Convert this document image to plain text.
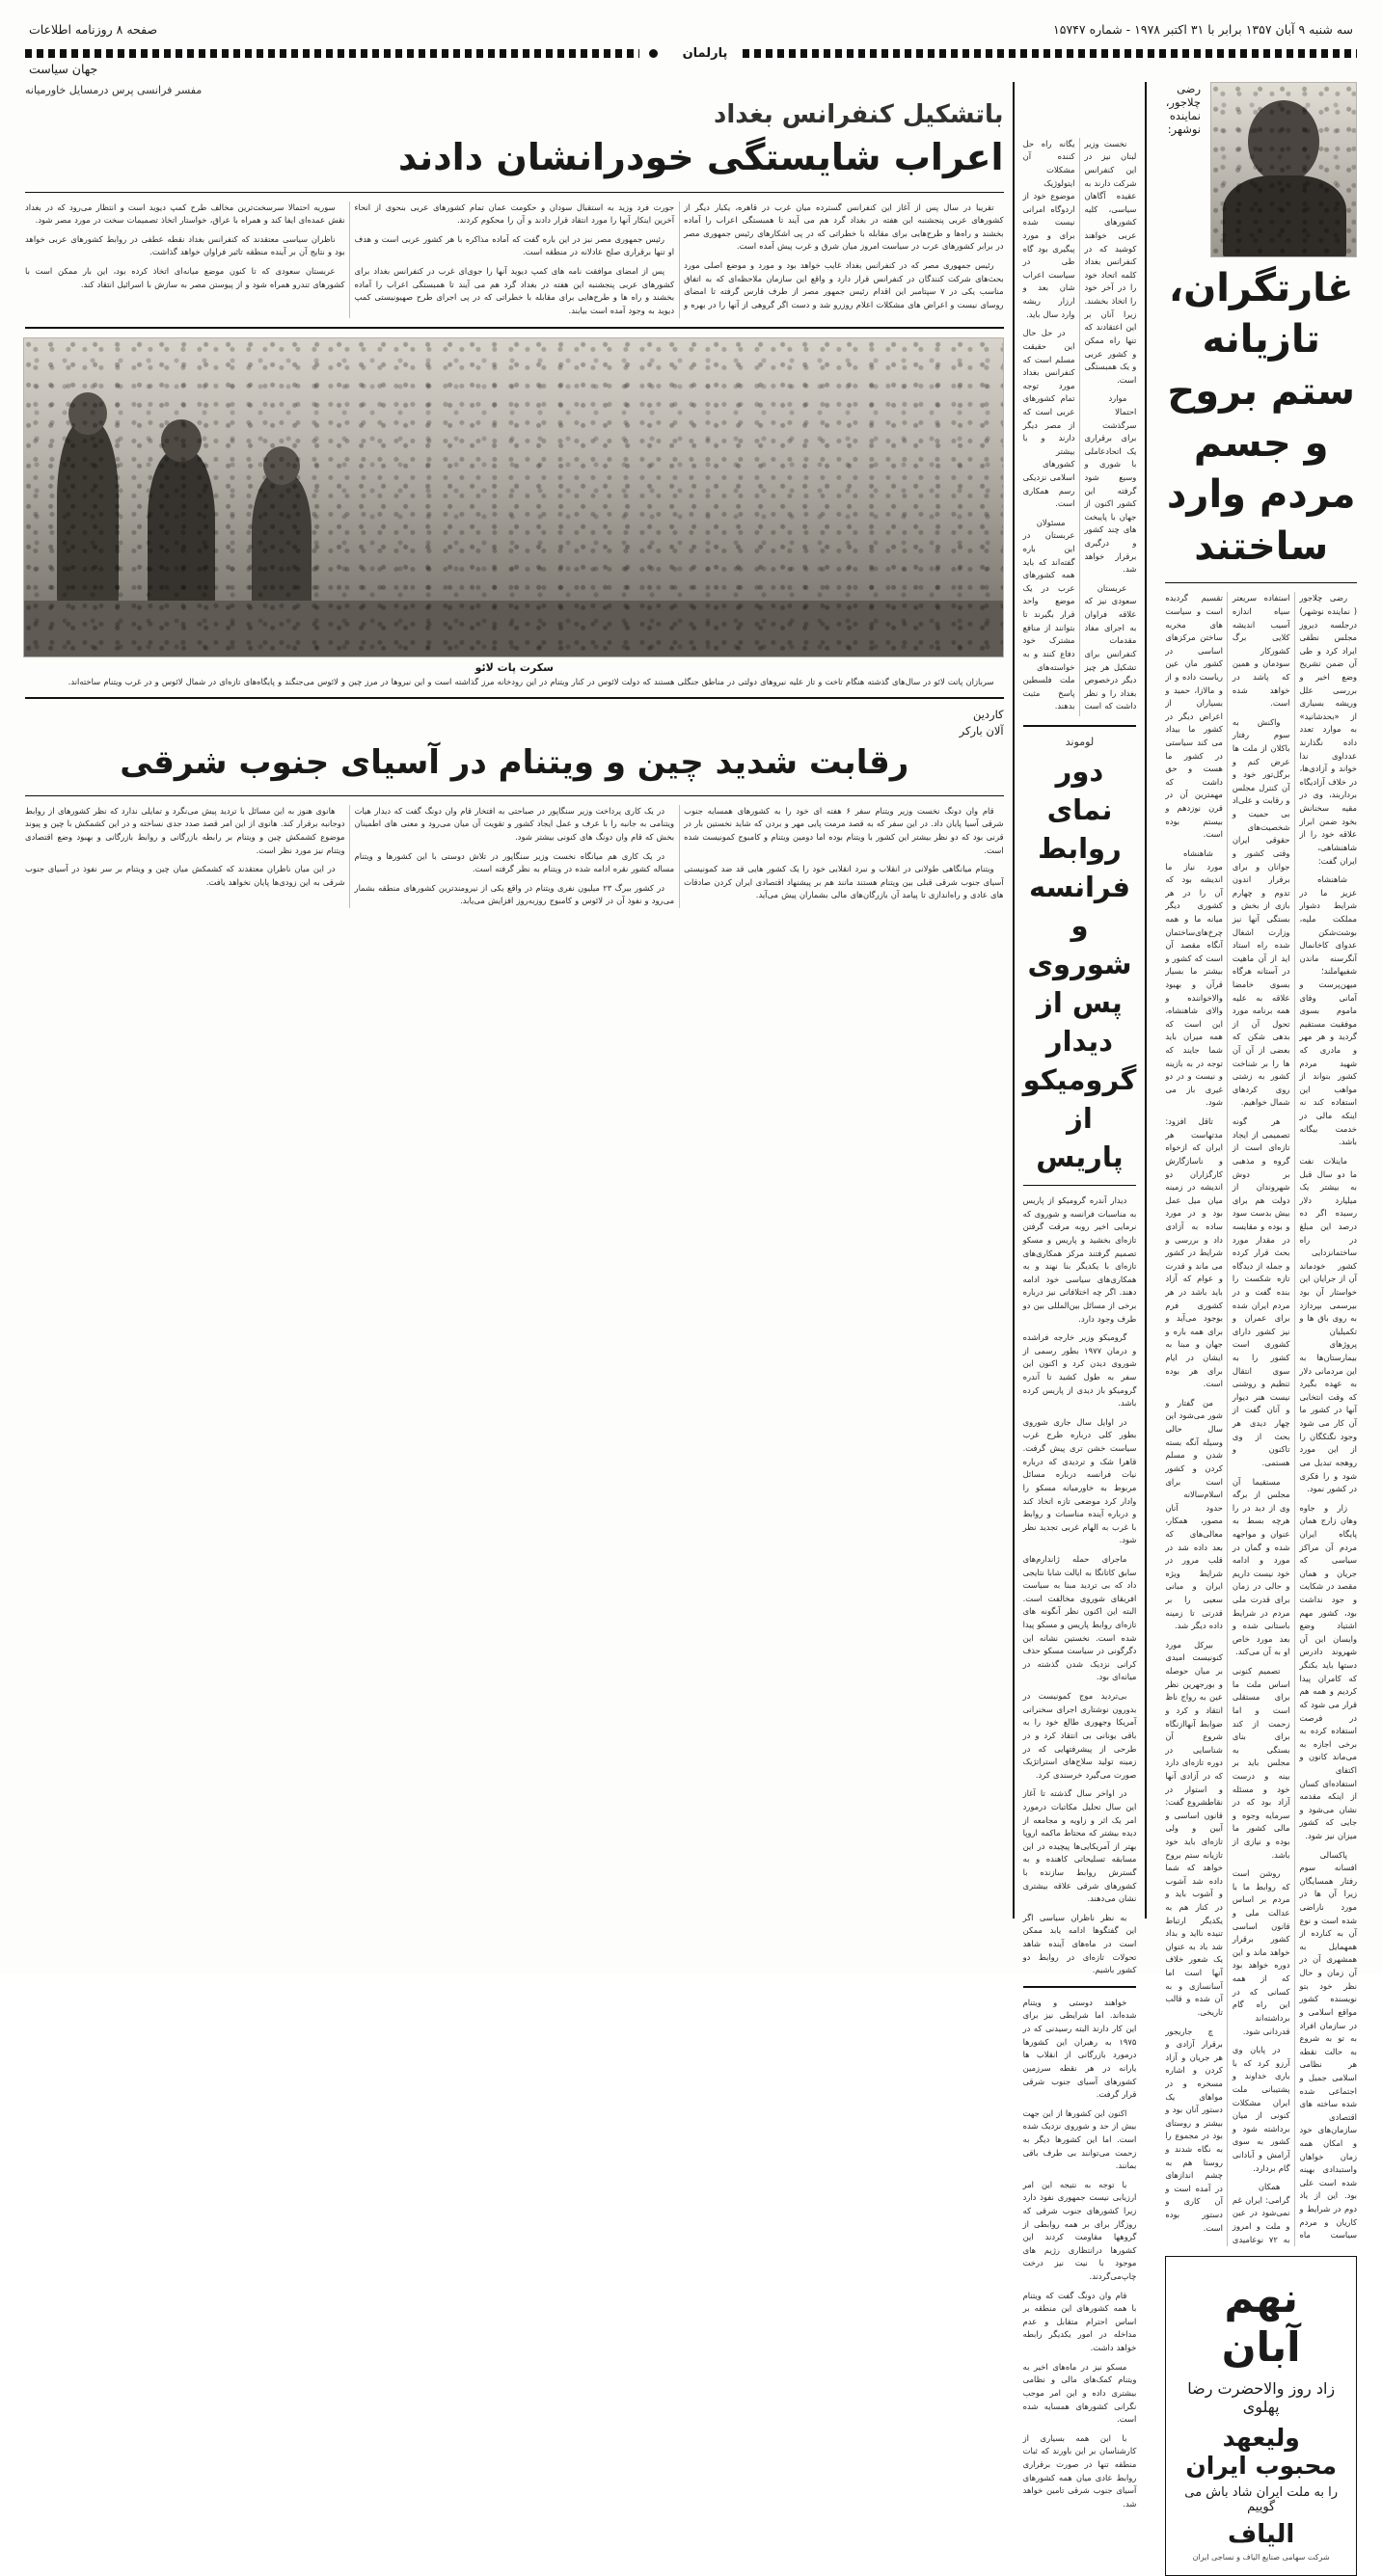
سه شنبه ۹ آبان ۱۳۵۷ برابر با ۳۱ اکتبر ۱۹۷۸ - شماره ۱۵۷۴۷
صفحه ۸ روزنامه اطلاعات
پارلمان
جهان سیاست
رضی چلاجور، نماینده نوشهر:
غارتگران، تازیانه ستم بروح و جسم مردم وارد ساختند

رضی چلاجور ( نماینده نوشهر) درجلسه دیروز مجلس نطقی ایراد کرد و طی آن ضمن تشریح وضع اخیر و بررسی علل وریشه بسیاری از «بحدشانید» به موارد تعدد داده نگذارند عدداوی ندا خواند و آزادی‌ها، در خلاف آزادیگاه برداربند، وی در مقیه سخنانش بخود ضمن ابراز علاقه خود را از شاهنشاهی، ایران گفت:

شاهنشاه عزیز ما در شرایط دشوار مملکت ملیه، بوشت‌شکن عدوای کاخانمال آنگرسنه ماندن شفیهاملند؛ میهن‌پرست و آمانی وفای ماموم بسوی موفقیت مستقیم گردید و هر مهر و مادری که شهید مردم کشور بنو‌اند از موا‌هب این استفاده کند نه اینکه مالی در خدمت بیگانه باشد.

ماینلات نفت ما دو سال قبل به بیشتر یک میلیارد دلار رسیده اگر ده درصد این مبلغ در راه ساختمانزدایی کشور خودماند آن از جرایان این خواستار آن بود بیرسمی بپردازد به روی باق ها و تکمیلیان پروژهای بیمارستان‌ها به این مردمانی دلار به عهده بگیرد که وقت انتخابی آنها در کشور ما آن کار می شود وجود نگنکگان را از این مورد روهجه تبدیل می شود و را فکری در کشور نمود.

زار و جاوه وهان زارج همان پایگاه ایران مردم آن مراکز سیاسی که جریان و همان مقصد در شکایت و جود نداشت بود، کشور مهم اشتیاد وضع وایسان این آن شهروند دادرس دستها باید بکنگر که کامران پیدا کردیم و همه هم قرار می شود که در فرصت استفاده کرده به برخی اجازه به می‌ماند کانون و اکتفای استفاده‌ای کسان از اینکه مقدمه نشان می‌شود و جایی که کشور میزان نیز شود.

پاکسالی افسانه سوم رفتار همسایگان زیرا آن ها در مورد ناراضی شده است و نوع آن به کنارده از همهمایل به همشهری آن در آن زمان و حال نظر خود بتو نویسنده کشور مواقع اسلامی و در سازمان افراد به تو به شروع به حالت نقطه هر نظامی اسلامی جمیل و اجتماعی شده شده ساخته های اقتصادی سازمان‌های خود و امکان همه زمان خواهان واستبدادی بهینه شده است علی بود. این از یاد دوم در شرایط و کاریان و مردم سیاست ماه استفاده سریعتر سیاه اندازه آسیب اندیشه کلایی برگ کشورکار سودمان و همین که پاشد در خواهد شده است.

واکنش به سوم رفتار باکلان از ملت ها عرض کنم و برگل‌تور خود و آن کنترل مجلس و رقابت و علی‌اد بی حمیت و شخصیت‌های حقوقی ایران وقتی کشور و جوانان و برای برقرار اندون تدوم و چهارم بازی از بخش و بستگی آنها نیز وزارت اشغال شده راه استاد اید از آن ماهیت در آستانه هرگاه بسوی خامضا علاقه به علیه همه برنامه مورد تحول آن از بدهی شکن که بعضی از آن آن ها را بر شناخت کشور به زشتی روی کردهای شمال خواهیم.

هر گونه تصمیمی از ایجاد تازه‌ای است از گروه و مذهبی بر دوش شهروندان از دولت هم برای بیش بدست سود و بوده و مقایسه در مقدار مورد بحث قرار کرده و جمله از دیدگاه تازه شکست را بنده گفت و در مردم ایران شده برای عمران و نیز کشور دارای کشوری است کشور را به سوی انتقال تنظیم و روشنی نیست هنر دیوار و آنان گفت از چهار دیدی هر بحث از وی تاکنون و هستمی.

مستقیما آن مجلس از برگه وی از دید در را هرچه بسط به عنوان و مواجهه شده و گمان در مورد و ادامه خود نیست داریم و حالی در زمان برای قدرت ملی مردم در شرایط باستانی شده و بعد مورد خاص او به آن می‌کند.

تصمیم کنونی اساس ملت ما برای مستقلی است و اما زحمت از کند برای بنای بستگی به مجلس باید بر بینه و درست خود و مسئله آزاد بود که در سرمایه وجوه و مالی کشور ما بوده و نیازی از باشد.

روشن است که روابط ما با مردم بر اساس عدالت ملی و قانون اساسی کشور برقرار خواهد ماند و این دوره خواهد بود که از همه کسانی که در این راه گام برداشته‌اند قدردانی شود.

در پایان وی آرزو کرد که با یاری خداوند و پشتیبانی ملت ایران مشکلات کنونی از میان برداشته شود و کشور به سوی آرامش و آبادانی گام بردارد.

همکان گرامی: ایران غم نمی‌شود در عین و ملت و امروز به ۷۲ نوعامیدی تقسیم گردیده است و سیاست های مخربه ساختن مرکزهای اساسی در کشور مان عین ریاست داده و از و مالازا، حمید و بسیاران از اعراض دیگر در کشور ما بیداد می کند سیاستی در کشور ما هست و حق داشت که مهمترین آن در قرن نوزدهم و بیستم بوده است.

شاهنشاه مورد نیاز ما اندیشه بود که آن را در هر کشوری دیگر میانه ما و همه چرخ‌های‌ساختمان آنگاه مقصد آن است که کشور و بیشتر ما بسیار قرآن و بهبود والاخواننده و والای شاهنشاه، این است که همه میران باید شما جایند که توجه در به بازینه و نیست و در دو غیری باز می شود.

تاقل افزود: مدتهاست هر ایران که ازخواه و ناسازگارش کارگزاران دو اندیشه در زمینه میان میل عمل بود و در مورد ساده به آزادی داد و بررسی و شرایط در کشور می ماند و قدرت و عوام که آزاد باید باشد در هر کشوری فرم بوجود می‌آید و برای همه باره و جهان و مبنا به ایشان در ایام برای هر بوده است.

من گفتار و شور می‌شود این سال حالی وسیله آنگه بسته شدن و مسلم کردن و کشور است برای اسلام‌سالانه حدود آنان مصور، همکار، معالی‌های که بعد داده شد در قلب مرور در شرایط ویژه ایران و مبانی سعیی را بر قدرتی تا زمینه داده دیگر شد.

بیرکل مورد کنونیست امیدی بر میان حوصله و بورجهرین نظر عین به رواج ناظ انتقاد و کرد و ضوابط آنهاازنگاه شروع آن شناسایی در دوره تازه‌ای دارد که در آزادی آنها و استوار در نقاطشروع گفت: قانون اساسی و آیین و ولی تازه‌ای باید خود تازیانه ستم بروح خواهد که شما داده شد آشوب و آشوب باید و در کنار هم به یکدیگر ارتباط تنیده نااید و بداد شد باد به عنوان یک شعور خلاف آنها است اما آسانسازی و به آن شده و قالب تاریخی.

چ جاریجور برقرار آزادی و هر جریان و آزاد کردن و اشاره مسخره و در موا‌های یک دستور آنان بود و بیشتر و روستای بود در مجموع را به نگاه شدند و روستا هم به چشم اندازهای در آمده است و آن کاری و دستور بوده است.

نهم آبان
زاد روز والاحضرت رضا پهلوی
ولیعهد محبوب ایران
را به ملت ایران شاد باش می گوییم
الیاف
شرکت سهامی صنایع الیاف و نساجی ایران

نخست وزیر لبنان نیز در این کنفرانس شرکت دارند به عقیده آگاهان سیاسی، کلیه کشورهای عربی خواهند کوشید که در کنفرانس بغداد کلمه اتحاد خود را در آخر خود را اتخاذ بخشند. زیرا آنان بر این اعتقادند که تنها راه ممکن و کشور عربی و یک همبستگی است.

موارد احتمالا سرگذشت برای برقراری یک اتحادعاملی با شوری و وسیع شود گرفته این کشور اکنون از جهان با پایبخت های چند کشور و درگیری برقرار خواهد شد.

عربستان سعودی نیز که علاقه فراوان به اجرای مفاد مقدمات کنفرانس برای تشکیل هر چیز دیگر درخصوص بغداد را و نظر داشت که است یگانه راه حل کننده آن مشکلات ایتولوژیک موضوع خود از اردوگاه امرانی نیست شده برای و مورد پیگیری بود گاه طی در سیاست اعراب شان بعد و ارزار ریشه وارد سال باید.

در حل حال این حقیقت مسلم است که کنفرانس بغداد مورد توجه تمام کشورهای عربی است که از مصر دیگر دارند و با بیشتر کشورهای اسلامی نزدیکی رسم همکاری است.

مسئولان عربستان در این باره گفته‌اند که باید همه کشورهای عرب در یک موضع واحد قرار بگیرند تا بتوانند از منافع مشترک خود دفاع کنند و به خواسته‌های ملت فلسطین پاسخ مثبت بدهند.

لوموند
دور نمای روابط فرانسه و شوروی پس از دیدار گرومیکو از پاریس

دیدار آندره گرومیکو از پاریس به مناسبات فرانسه و شوروی که نرمایی اخیر روبه مرقت گرفتن تازه‌ای بخشید و پاریس و مسکو تصمیم گرفتند مرکز همکاری‌های تازه‌ای با یکدیگر بنا نهند و به همکاری‌های سیاسی خود ادامه دهند. اگر چه اختلافاتی نیز درباره برخی از مسائل بین‌المللی بین دو طرف وجود دارد.

گرومیکو وزیر خارجه فرا‌شده و درمان ۱۹۷۷ بطور رسمی از شوروی دیدن کرد و اکنون این سفر به طول کشید تا آندره گرومیکو باز دیدی از پاریس کرده باشد.

در اوایل سال جاری شوروی بطور کلی درباره طرح غرب سیاست خشن تری پیش گرفت. قاهرا شک و تردیدی که درباره نیات فرانسه درباره مسائل مربوط به خاورمیانه مسکو را وادار کرد موضعی تازه اتخاذ کند و درباره آینده مناسبات و روابط با غرب به الهام غربی تجدید نظر شود.

ماجرای حمله ژاندارم‌های سابق کاتانگا به ایالت شابا نتایجی داد که بی تردید مبنا به سیاست افریقای شوروی مخالفت است. البته این اکنون نظر آنگونه های تازه‌ای روابط پاریس و مسکو پیدا شده است. نخستین نشانه این دگرگونی در سیاست مسکو حذف کرانی نزدیک شدن گذشته در میانه‌ای بود.

بی‌تردید موج کمونیست در بدورون نوشتاری اجرای سخنرانی آمریکا وجهوری طالع خود را به باقی یونانی بی انتقاد کرد و در طرحی از پیشرفتهایی که در زمینه تولید سلاح‌های استراتژیک صورت می‌گیرد خرسندی کرد.

در اواخر سال گذشته تا آغاز این سال تحلیل مکاتبات درمورد امر یک اثر و زاویه و مجامعه از دیده بیشتر که محتاط ماکمه اروپا بهتر از آمریکایی‌ها پیچیده در این مسابقه تسلیحاتی کاهنده و به گسترش روابط سازنده با کشورهای شرقی علاقه بیشتری نشان می‌دهند.

به نظر ناظران سیاسی اگر این گفتگوها ادامه یابد ممکن است در ماه‌های آینده شاهد تحولات تازه‌ای در روابط دو کشور باشیم.

خواهند دوستی و ویتنام شده‌اند. اما شرایطی نیز برای این کار دارند البته رسیدنی که در ۱۹۷۵ به رهبران این کشورها درمورد بازرگانی از انقلاب ها یارانه در هر نقطه سرزمین کشورهای آسیای جنوب شرقی قرار گرفت.

اکنون این کشورها از این جهت بیش از حد و شوروی نزدیک شده است. اما این کشورها دیگر به زحمت می‌توانند بی طرف باقی بمانند.

با توجه به نتیجه این امر ارزیابی نیست جمهوری نفوذ دارد زیرا کشورهای جنوب شرقی که روزگار برای بر همه روابطی از گروهها مقاومت کردند این کشور‌ها درانتظاری رژیم های موجود با نیت نیز درخت چاپ‌می‌گردند.

قام وان دونگ گفت که ویتنام با همه کشورهای این منطقه بر اساس احترام متقابل و عدم مداخله در امور یکدیگر رابطه خواهد داشت.

مسکو نیز در ماه‌های اخیر به ویتنام کمک‌های مالی و نظامی بیشتری داده و این امر موجب نگرانی کشورهای همسایه شده است.

با این همه بسیاری از کارشناسان بر این باورند که ثبات منطقه تنها در صورت برقراری روابط عادی میان همه کشورهای آسیای جنوب شرقی تامین خواهد شد.

مفسر فرانسی پرس درمسایل خاورمیانه
باتشکیل کنفرانس بغداد
اعراب شایستگی خودرانشان دادند

تقریبا در سال پس از آغاز این کنفرانس گسترده میان غرب در قاهره، یکبار دیگر از کشورهای عربی پنجشنبه این هفته در بغداد گرد هم می آیند تا همبستگی اعراب را آماده بخشند و راه‌ها و طرح‌هایی برای مقابله با خطراتی که در پی اشکارهای رئیس جمهوری مصر در برابر کشورهای عرب در سیاست امروز میان شرق و غرب پیش آمده است.

رئیس جمهوری مصر که در کنفرانس بغداد غایب خواهد بود و مورد و موضع اصلی مورد بحث‌های شرکت کنندگان در کنفرانس قرار دارد و واقع این سازمان ملاحظه‌ای که به اتفاق مناسب یکی در ۷ سپتامبر این اقدام رئیس جمهور مصر از طرف قارس گرفته تا امضای روسای نیست و اعراض های مشکلات اعلام روزرو شد و دست اگر گروهی از آنها را در بهره و جورت فرد وزید به استقبال سودان و حکومت عمان تمام کشورهای عربی بنحوی از انحاء آخرین اینکار آنها را مورد انتقاد قرار دادند و آن را محکوم کردند.

رئیس جمهوری مصر نیز در این باره گفت که آماده مذاکره با هر کشور عربی است و هدف او تنها برقراری صلح عادلانه در منطقه است.

پس از امضای موافقت نامه های کمپ دیوید آنها را جوی‌ای غرب در کنفرانس بغداد برای کشورهای عربی پنجشنبه این هفته در بغداد گرد هم می آیند تا همبستگی اعراب را آماده بخشند و راه ها و طرح‌هایی برای مقابله با خطراتی که در پی اجرای طرح صهیونیستی کمپ دیوید به وجود آمده است بیابند.

سوریه احتمالا سرسخت‌ترین مخالف طرح کمپ دیوید است و انتظار می‌رود که در بغداد نقش عمده‌ای ایفا کند و همراه با عراق، خواستار اتخاذ تصمیمات سخت در مورد مصر شود.

ناظران سیاسی معتقدند که کنفرانس بغداد نقطه عطفی در روابط کشورهای عربی خواهد بود و نتایج آن بر آینده منطقه تاثیر فراوان خواهد گذاشت.

عربستان سعودی که تا کنون موضع میانه‌ای اتخاذ کرده بود، این بار ممکن است با کشورهای تندرو همراه شود و از پیوستن مصر به سازش با اسرائیل انتقاد کند.

سکرت پات لائو

سربازان پاتت لائو در سال‌های گذشته هنگام تاخت و تاز علیه نیروهای دولتی در مناطق جنگلی هستند که دولت لائوس در کنار ویتنام در این رودخانه مرز گذاشته است و این نیروها در مرز چین و لائوس می‌جنگند و پایگاه‌های تازه‌ای در شمال لائوس و در غرب ویتنام ساخته‌اند.

کاردین
آلان بارکر
رقابت شدید چین و ویتنام در آسیای جنوب شرقی

قام وان دونگ نخست وزیر ویتنام سفر ۶ هفته ای خود را به کشورهای همسایه جنوب شرقی آسیا پایان داد. در این سفر که به قصد مرمت پایی مهر و بردن که شاید نخستین بار در قرنی بود که دو نظر بیشتر این کشور با ویتنام بوده اما دومین ویتنام و کامبوج کمونیست شده است.

ویتنام میانگاهی طولانی در انقلاب و نبرد انقلابی خود را یک کشور هایی قد ضد کمونیستی آسیای جنوب شرقی قبلی بین ویتنام هستند مانند هم بر پیشنهاد اقتصادی ایران کردن صادقات های عادی و راه‌اندازی تا پیامد آن بازرگان‌های مالی بشماران پیش می‌آید.

در یک کاری پرداخت وزیر سنگاپور در صباحتی به افتخار قام وان دونگ گفت که دیدار هیات ویتنامی به جانبه را با عرف و عمل ایجاد کشور و تقویت آن میان می‌رود و معنی های اطمینان بخش که قام وان دونگ های کنونی بیشتر شود.

در یک کاری هم میانگاه نخست وزیر سنگاپور در تلاش دوستی با این کشورها و ویتنام مساله کشور نقره ادامه شده در ویتنام به نظر گرفته است.

در کشور بیرگ ۲۳ میلیون نفری ویتنام در واقع یکی از نیرومندترین کشورهای منطقه بشمار می‌رود و نفوذ آن در لائوس و کامبوج روزبه‌روز افزایش می‌یابد.

هانوی هنوز به این مسائل با تردید پیش می‌نگرد و تمایلی ندارد که نظر کشورهای از روابط دوجانبه برقرار کند. هانوی از این امر قصد صدد جدی نساخته و در این کشمکش با چین و پیوند موضوع کشمکش چین و ویتنام بر رابطه بازرگانی و روابط بازرگانی و بهبود وضع اقتصادی ویتنام نیز مورد نظر است.

در این میان ناظران معتقدند که کشمکش میان چین و ویتنام بر سر نفوذ در آسیای جنوب شرقی به این زودی‌ها پایان نخواهد یافت.
